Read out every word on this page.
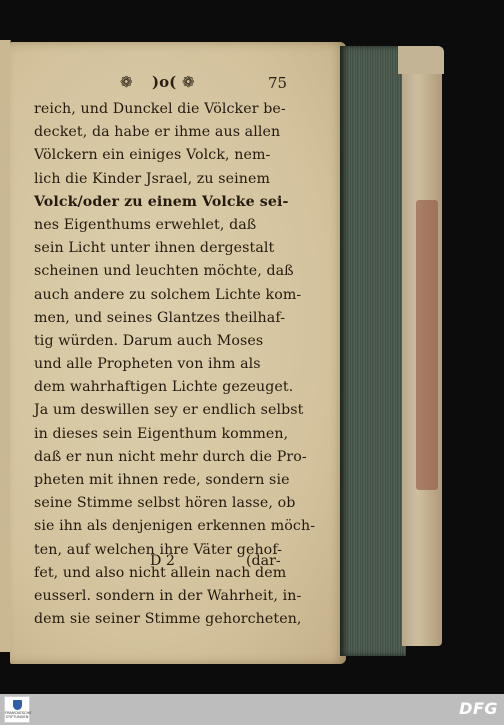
❁ )o( ❁	75
reich, und Dunckel die Völcker be-
decket, da habe er ihme aus allen
Völckern ein einiges Volck, nem-
lich die Kinder Jsrael, zu seinem
Volck/oder zu einem Volcke sei-
nes Eigenthums erwehlet, daß
sein Licht unter ihnen dergestalt
scheinen und leuchten möchte, daß
auch andere zu solchem Lichte kom-
men, und seines Glantzes theilhaf-
tig würden. Darum auch Moses
und alle Propheten von ihm als
dem wahrhaftigen Lichte gezeuget.
Ja um deswillen sey er endlich selbst
in dieses sein Eigenthum kommen,
daß er nun nicht mehr durch die Pro-
pheten mit ihnen rede, sondern sie
seine Stimme selbst hören lasse, ob
sie ihn als denjenigen erkennen möch-
ten, auf welchen ihre Väter gehof-
fet, und also nicht allein nach dem
eusserl. sondern in der Wahrheit, in-
dem sie seiner Stimme gehorcheten,
D 2	(dar-
FRANCKESCHE STIFTUNGEN	DFG
